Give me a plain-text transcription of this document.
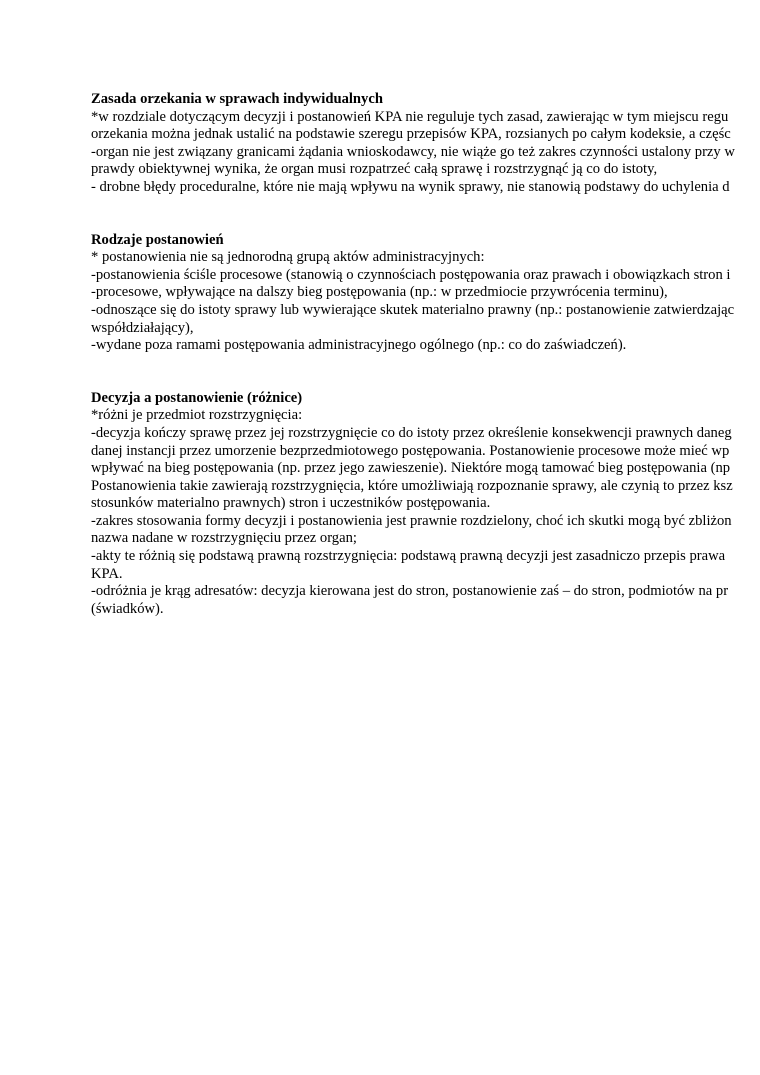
Zasada orzekania w sprawach indywidualnych
*w rozdziale dotyczącym decyzji i postanowień KPA nie reguluje tych zasad, zawierając w tym miejscu regu
orzekania można jednak ustalić na podstawie szeregu przepisów KPA, rozsianych po całym kodeksie, a częśc
-organ nie jest związany granicami żądania wnioskodawcy, nie wiąże go też zakres czynności ustalony przy w
prawdy obiektywnej wynika, że organ musi rozpatrzeć całą sprawę i rozstrzygnąć ją co do istoty,
- drobne błędy proceduralne, które nie mają wpływu na wynik sprawy, nie stanowią podstawy do uchylenia d
Rodzaje postanowień
* postanowienia nie są jednorodną grupą aktów administracyjnych:
-postanowienia ściśle procesowe (stanowią o czynnościach postępowania oraz prawach i obowiązkach stron i
-procesowe, wpływające na dalszy bieg postępowania (np.: w przedmiocie przywrócenia terminu),
-odnoszące się do istoty sprawy lub wywierające skutek materialno prawny (np.: postanowienie zatwierdzając
współdziałający),
-wydane poza ramami postępowania administracyjnego ogólnego (np.: co do zaświadczeń).
Decyzja a postanowienie (różnice)
*różni je przedmiot rozstrzygnięcia:
-decyzja kończy sprawę przez jej rozstrzygnięcie co do istoty przez określenie konsekwencji prawnych daneg
danej instancji przez umorzenie bezprzedmiotowego postępowania. Postanowienie procesowe może mieć wp
wpływać na bieg postępowania (np. przez jego zawieszenie). Niektóre mogą tamować bieg postępowania (np
Postanowienia takie zawierają rozstrzygnięcia, które umożliwiają rozpoznanie sprawy, ale czynią to przez ksz
stosunków materialno prawnych) stron i uczestników postępowania.
-zakres stosowania formy decyzji i postanowienia jest prawnie rozdzielony, choć ich skutki mogą być zbliżon
nazwa nadane w rozstrzygnięciu przez organ;
-akty te różnią się podstawą prawną rozstrzygnięcia: podstawą prawną decyzji jest zasadniczo przepis prawa
KPA.
-odróżnia je krąg adresatów: decyzja kierowana jest do stron, postanowienie zaś – do stron, podmiotów na pr
(świadków).
